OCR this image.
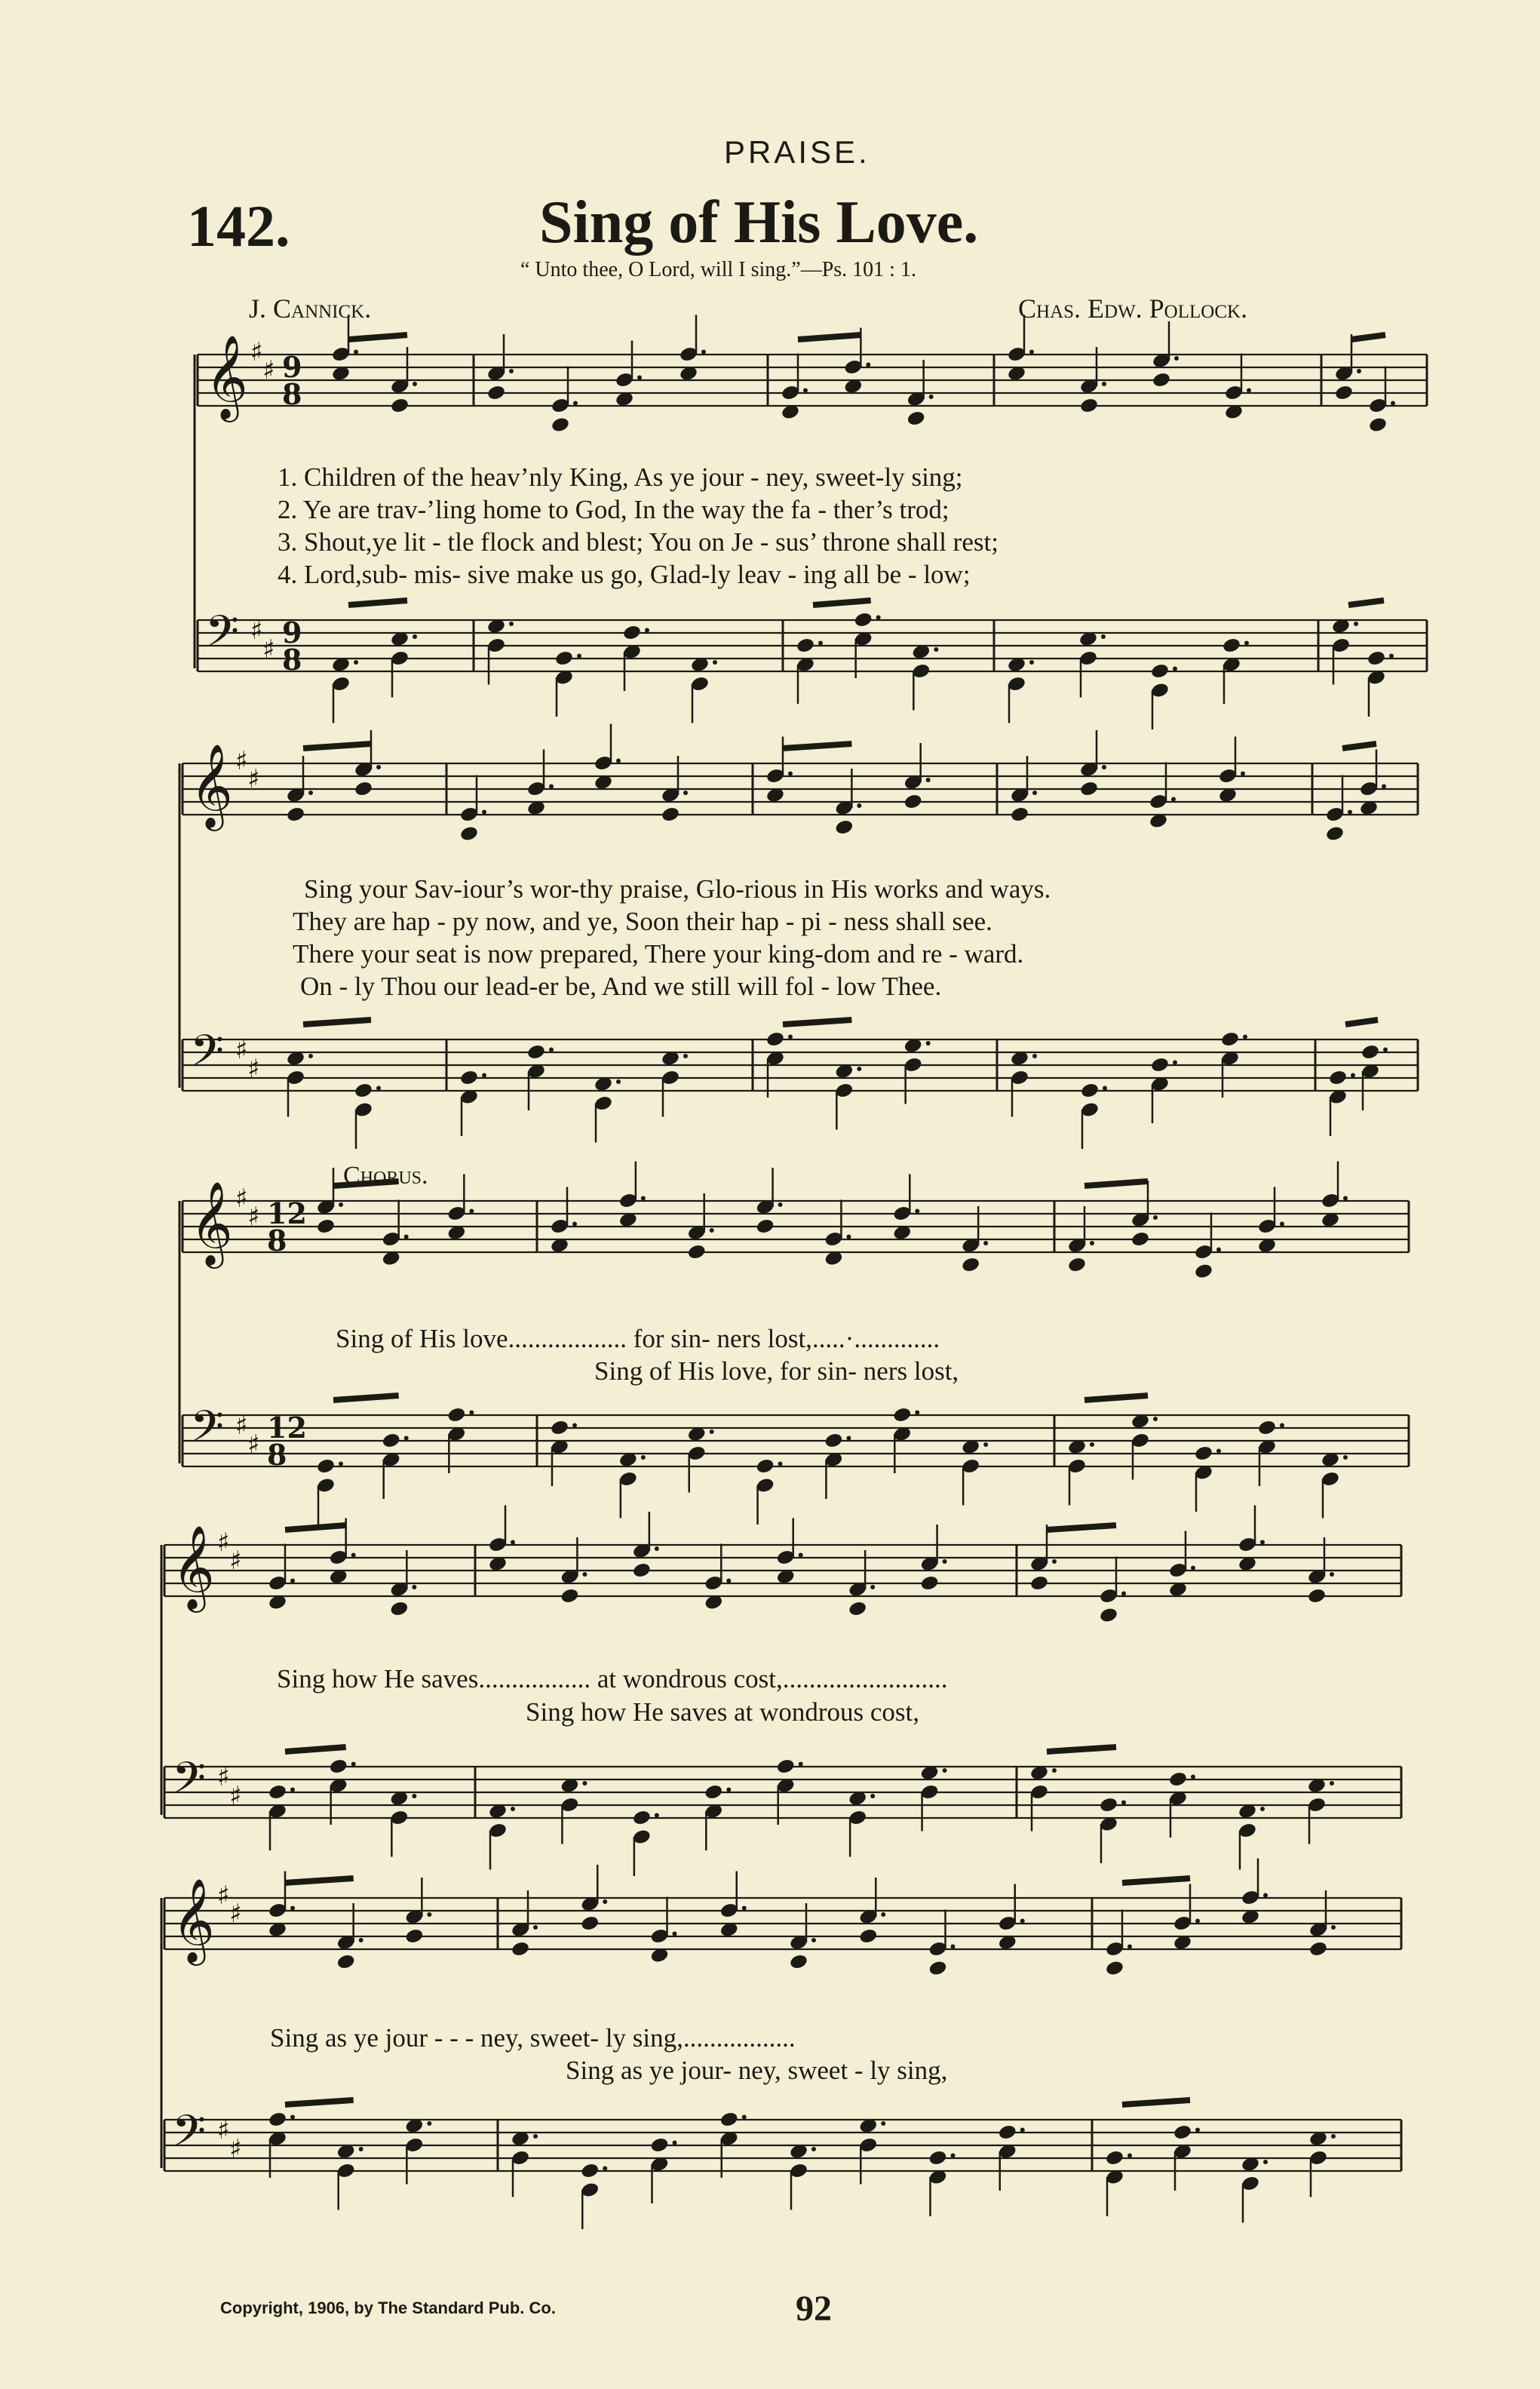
PRAISE.
142.	Sing of His Love.
“ Unto thee, O Lord, will I sing.”—Ps. 101 : 1.
J. Cannick.	Chas. Edw. Pollock.
𝄞 ♯
♯ 9
8
𝄢 ♯
♯ 9
8
𝄞 ♯
♯
𝄢 ♯
♯
𝄞 ♯
♯ 12
8
𝄢 ♯
♯ 12
8
𝄞 ♯
♯
𝄢 ♯
♯
𝄞 ♯
♯
𝄢 ♯
♯
1. Children of the heav’nly King, As ye jour - ney, sweet-ly sing;
2. Ye are trav-’ling home to God, In the way the fa - ther’s trod;
3. Shout,ye lit - tle flock and blest; You on Je - sus’ throne shall rest;
4. Lord,sub- mis- sive make us go, Glad-ly leav - ing all be - low;
Sing your Sav-iour’s wor-thy praise, Glo-rious in His works and ways.
They are hap - py now, and ye, Soon their hap - pi - ness shall see.
There your seat is now prepared, There your king-dom and re - ward.
On - ly Thou our lead-er be, And we still will fol - low Thee.
Chorus.
Sing of His love.................. for sin- ners lost,.....·.............
Sing of His love, for sin- ners lost,
Sing how He saves................. at wondrous cost,.........................
Sing how He saves at wondrous cost,
Sing as ye jour - - - ney, sweet- ly sing,.................
Sing as ye jour- ney, sweet - ly sing,
Copyright, 1906, by The Standard Pub. Co.	92
